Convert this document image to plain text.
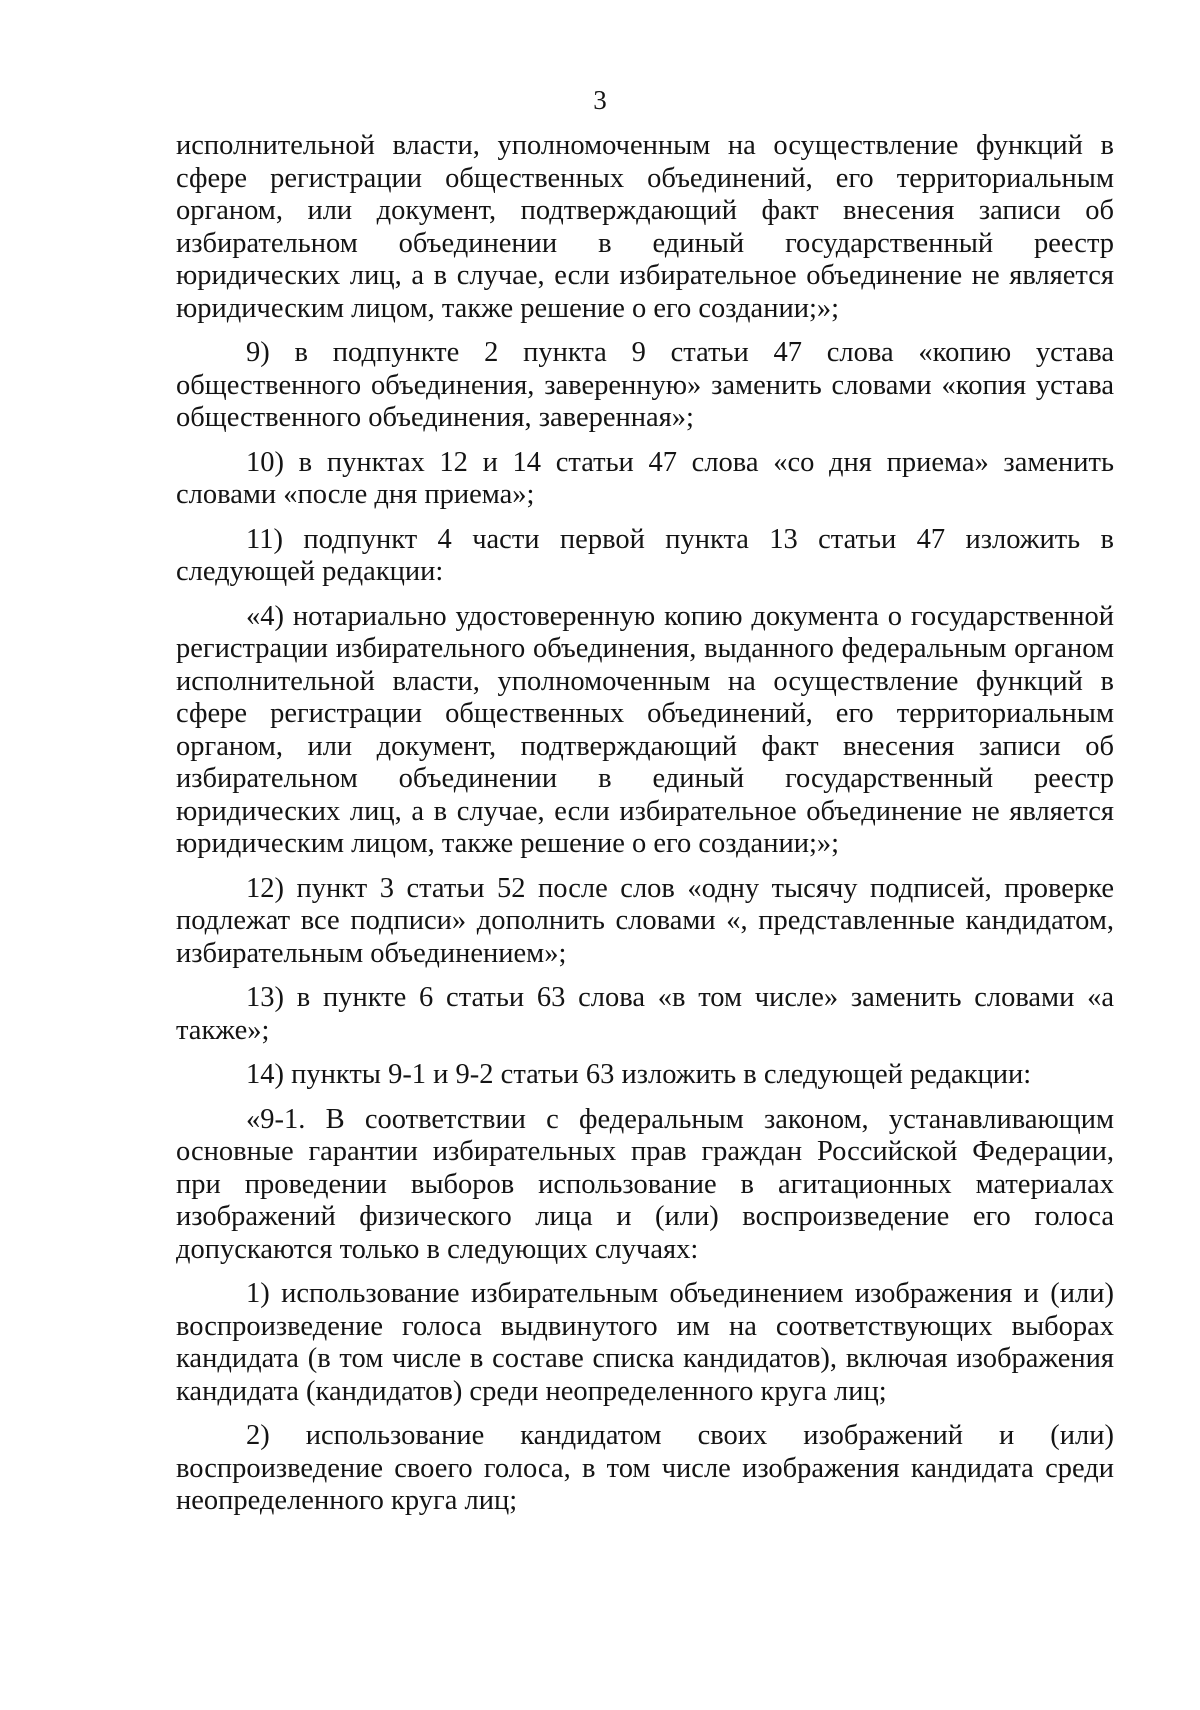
3

исполнительной власти, уполномоченным на осуществление функций в сфере регистрации общественных объединений, его территориальным органом, или документ, подтверждающий факт внесения записи об избирательном объединении в единый государственный реестр юридических лиц, а в случае, если избирательное объединение не является юридическим лицом, также решение о его создании;»;

9) в подпункте 2 пункта 9 статьи 47 слова «копию устава общественного объединения, заверенную» заменить словами «копия устава общественного объединения, заверенная»;

10) в пунктах 12 и 14 статьи 47 слова «со дня приема» заменить словами «после дня приема»;

11) подпункт 4 части первой пункта 13 статьи 47 изложить в следующей редакции:

«4) нотариально удостоверенную копию документа о государственной регистрации избирательного объединения, выданного федеральным органом исполнительной власти, уполномоченным на осуществление функций в сфере регистрации общественных объединений, его территориальным органом, или документ, подтверждающий факт внесения записи об избирательном объединении в единый государственный реестр юридических лиц, а в случае, если избирательное объединение не является юридическим лицом, также решение о его создании;»;

12) пункт 3 статьи 52 после слов «одну тысячу подписей, проверке подлежат все подписи» дополнить словами «, представленные кандидатом, избирательным объединением»;

13) в пункте 6 статьи 63 слова «в том числе» заменить словами «а также»;

14) пункты 9-1 и 9-2 статьи 63 изложить в следующей редакции:

«9-1. В соответствии с федеральным законом, устанавливающим основные гарантии избирательных прав граждан Российской Федерации, при проведении выборов использование в агитационных материалах изображений физического лица и (или) воспроизведение его голоса допускаются только в следующих случаях:

1) использование избирательным объединением изображения и (или) воспроизведение голоса выдвинутого им на соответствующих выборах кандидата (в том числе в составе списка кандидатов), включая изображения кандидата (кандидатов) среди неопределенного круга лиц;

2) использование кандидатом своих изображений и (или) воспроизведение своего голоса, в том числе изображения кандидата среди неопределенного круга лиц;
